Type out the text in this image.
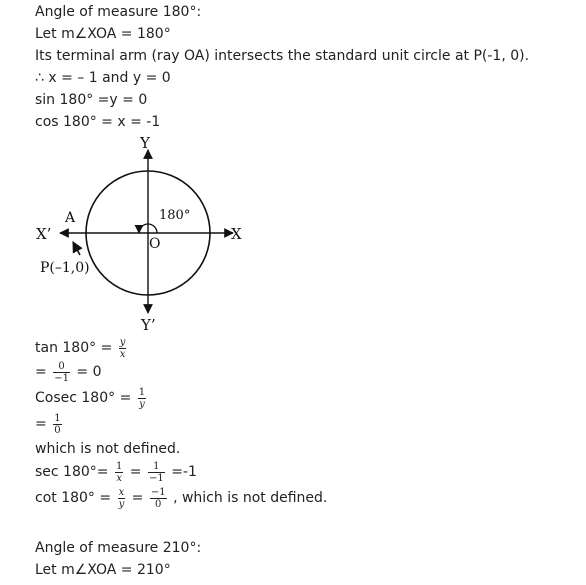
Angle of measure 180°:
Let m∠XOA = 180°
Its terminal arm (ray OA) intersects the standard unit circle at P(-1, 0).
∴ x = – 1 and y = 0
sin 180° =y = 0
cos 180° = x = -1
Y
Y’
X
X’
A
O
180°
P(–1,0)
$\tan 180^\circ = \frac{y}{x}$
= $\frac{0}{-1} = 0$
Cosec $180^\circ = \frac{1}{y}$
= $\frac{1}{0}$
which is not defined.
$\sec 180^\circ= \frac{1}{x} = \frac{1}{-1} =-1$
$\cot 180^\circ = \frac{x}{y} = \frac{-1}{0}$ , which is not defined.
Angle of measure 210°:
Let m∠XOA = 210°
